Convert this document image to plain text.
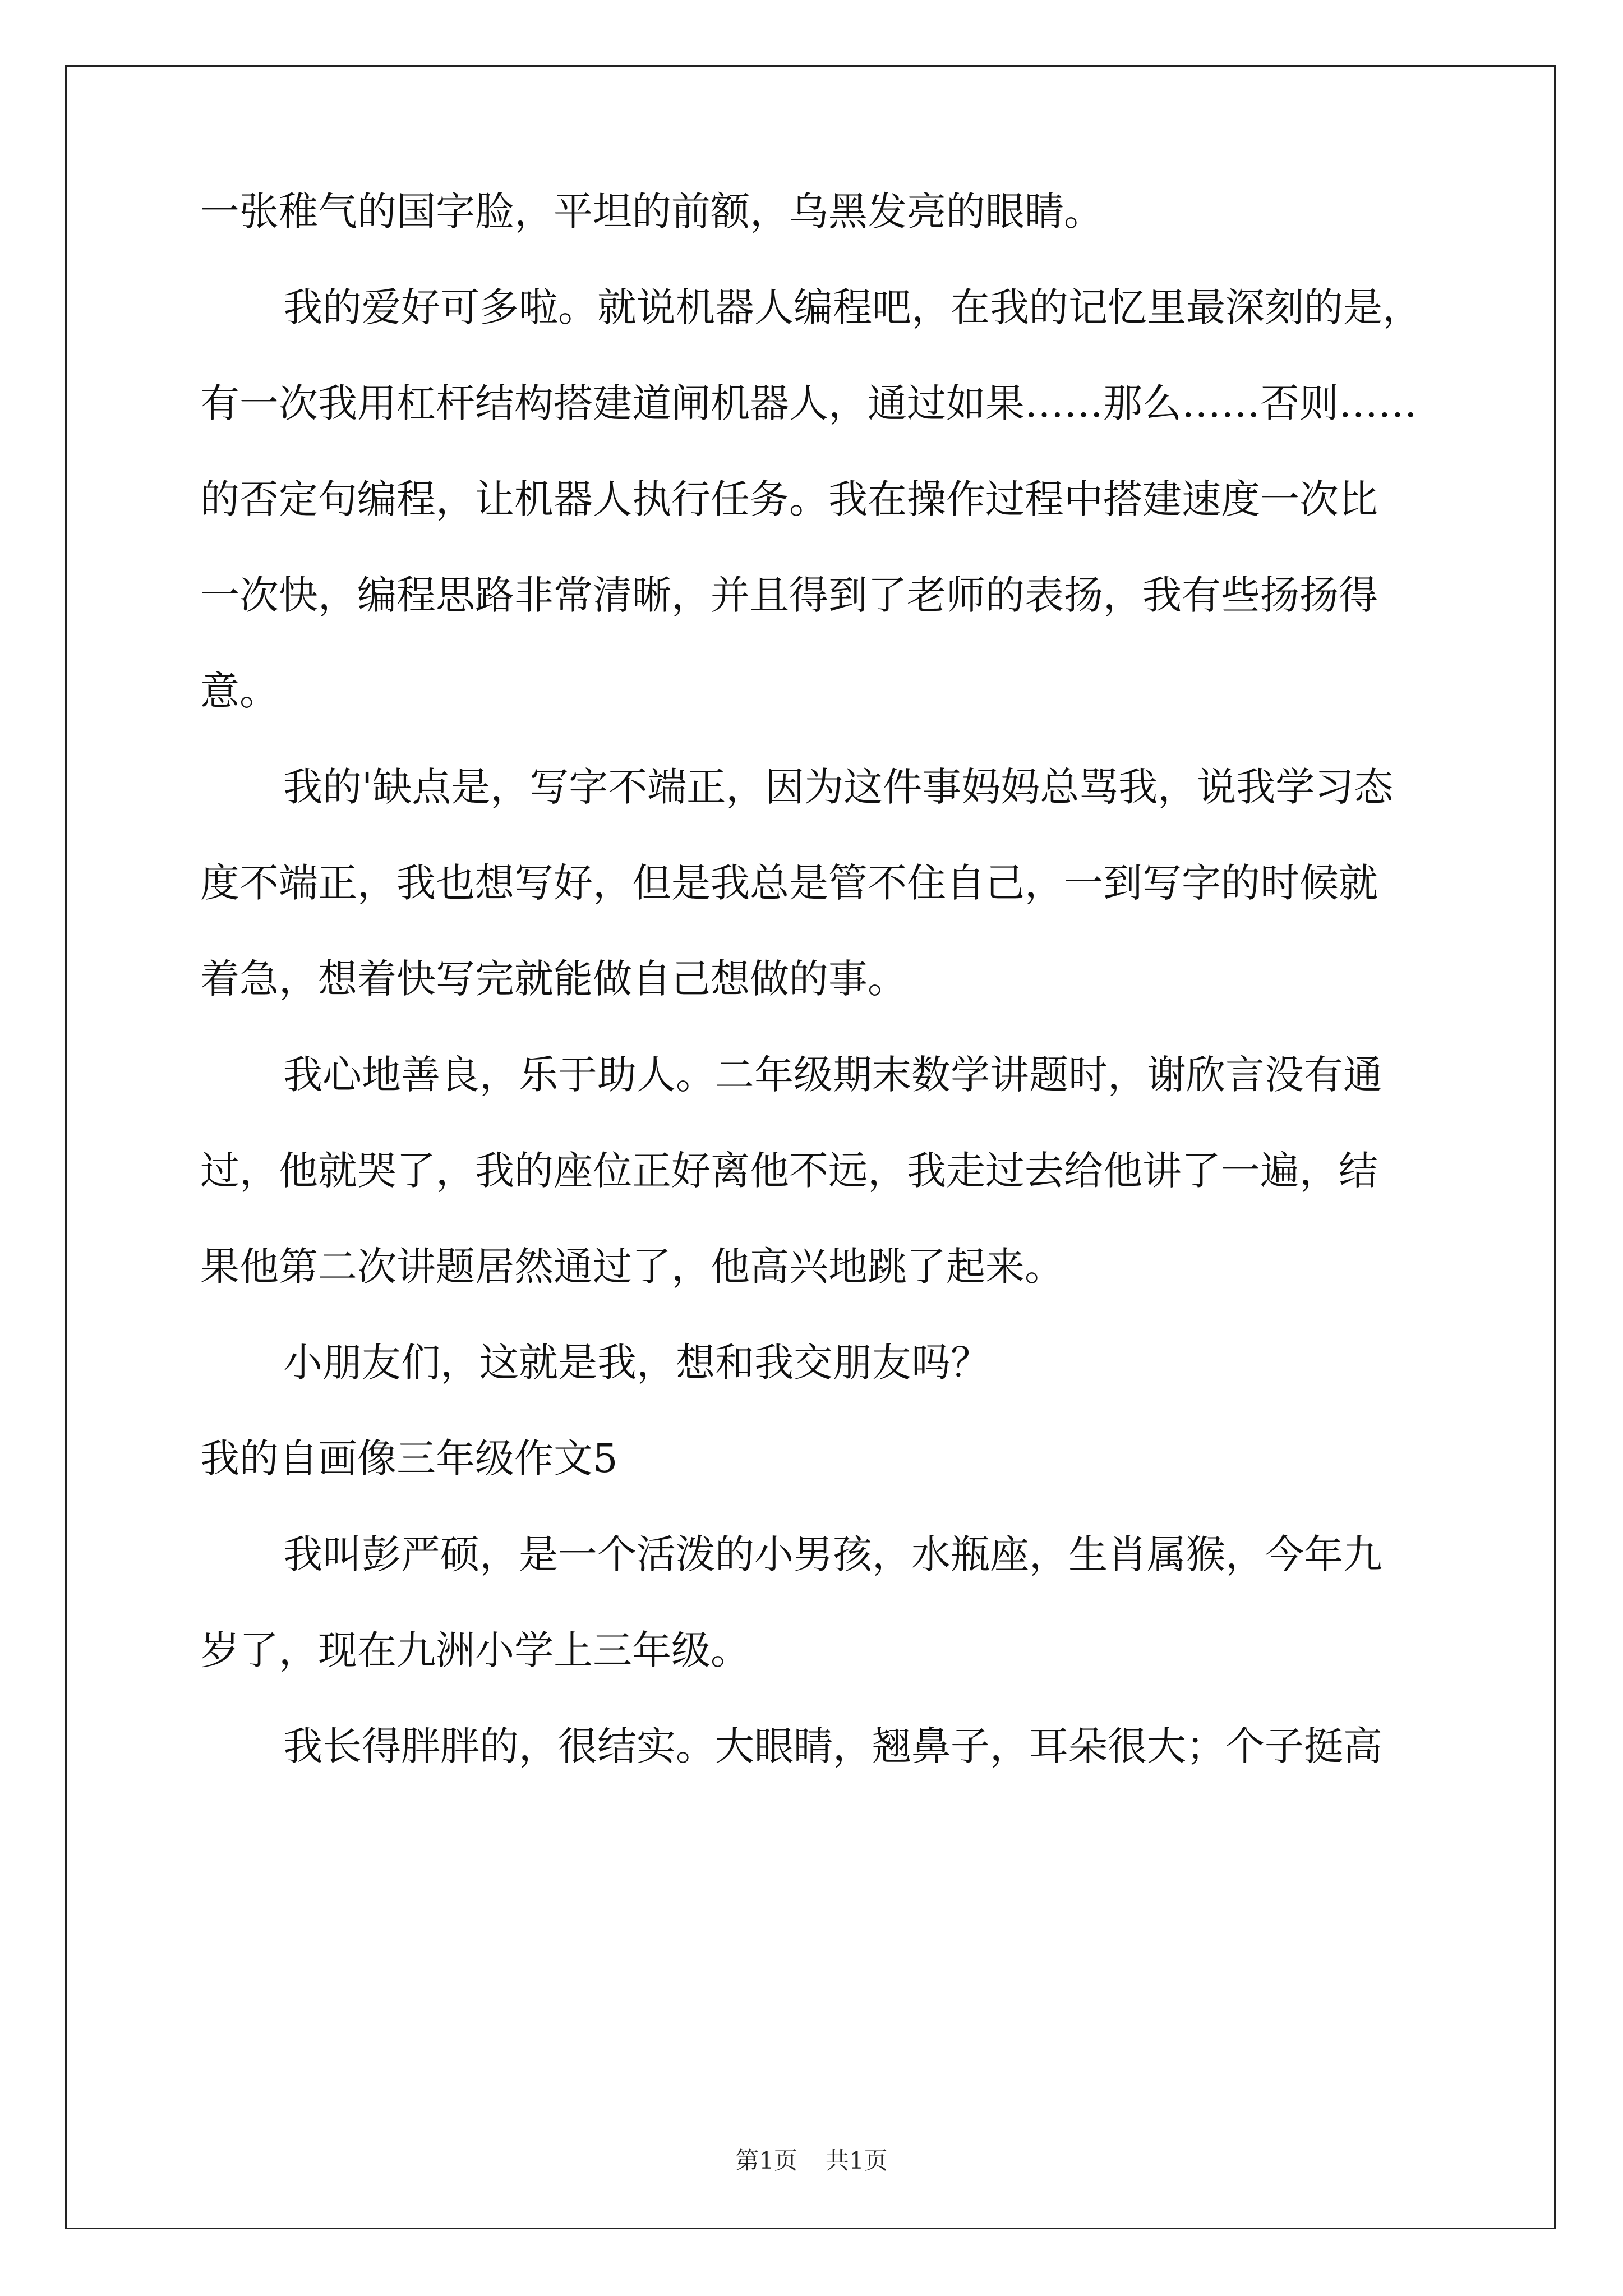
一张稚气的国字脸，平坦的前额，乌黑发亮的眼睛。
我的爱好可多啦。就说机器人编程吧，在我的记忆里最深刻的是，
有一次我用杠杆结构搭建道闸机器人，通过如果……那么……否则……
的否定句编程，让机器人执行任务。我在操作过程中搭建速度一次比
一次快，编程思路非常清晰，并且得到了老师的表扬，我有些扬扬得
意。
我的'缺点是，写字不端正，因为这件事妈妈总骂我，说我学习态
度不端正，我也想写好，但是我总是管不住自己，一到写字的时候就
着急，想着快写完就能做自己想做的事。
我心地善良，乐于助人。二年级期末数学讲题时，谢欣言没有通
过，他就哭了，我的座位正好离他不远，我走过去给他讲了一遍，结
果他第二次讲题居然通过了，他高兴地跳了起来。
小朋友们，这就是我，想和我交朋友吗？
我的自画像三年级作文5
我叫彭严硕，是一个活泼的小男孩，水瓶座，生肖属猴，今年九
岁了，现在九洲小学上三年级。
我长得胖胖的，很结实。大眼睛，翘鼻子，耳朵很大；个子挺高
第1页 共1页
